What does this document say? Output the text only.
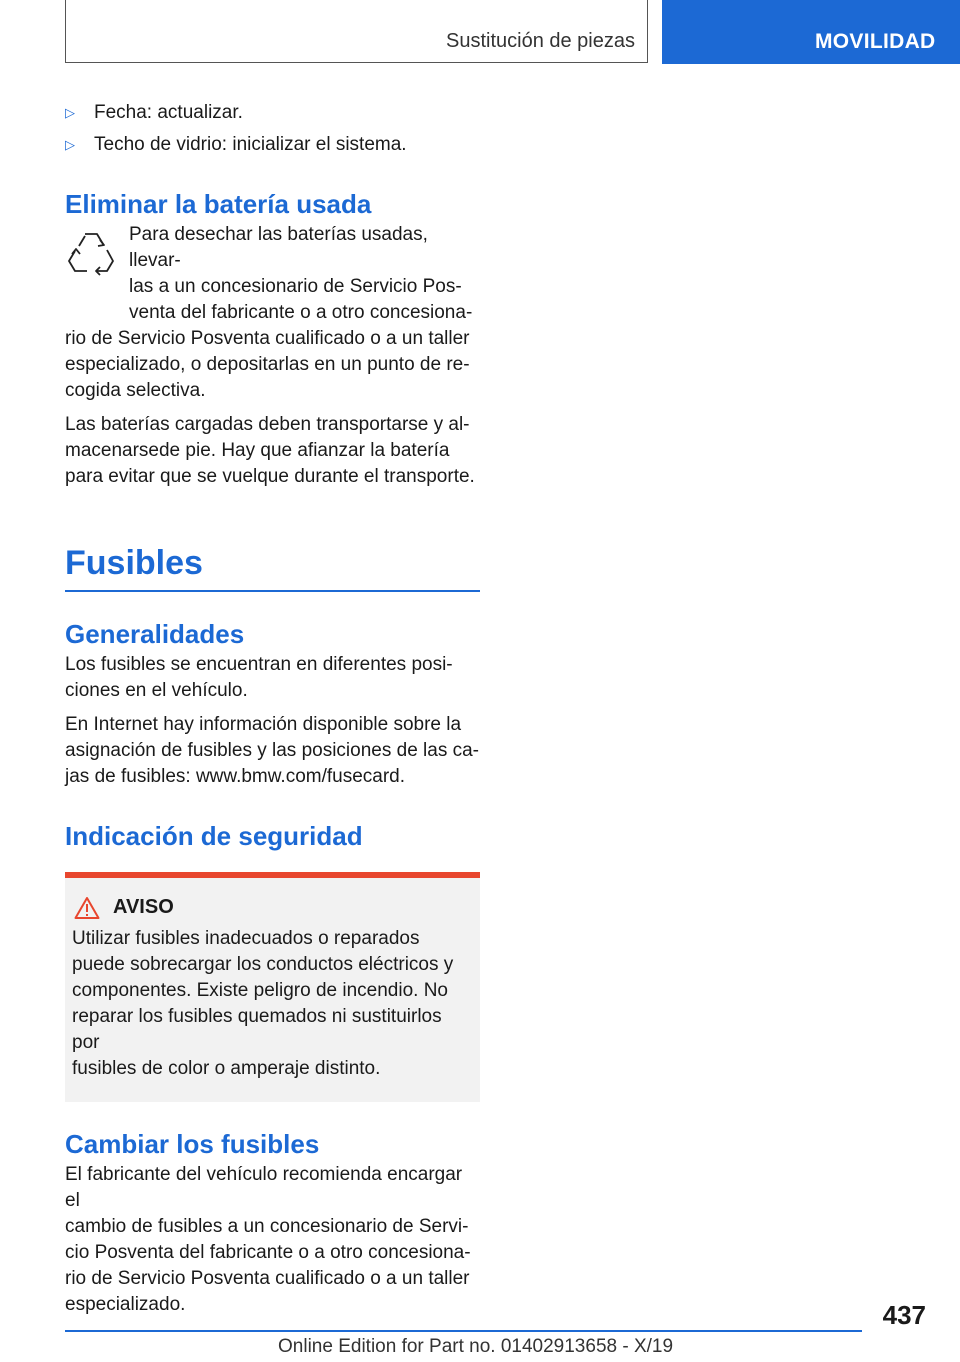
Sustitución de piezas	MOVILIDAD
▷ Fecha: actualizar.
▷ Techo de vidrio: inicializar el sistema.
Eliminar la batería usada

Para desechar las baterías usadas, llevar-

las a un concesionario de Servicio Pos-

venta del fabricante o a otro concesiona-

rio de Servicio Posventa cualificado o a un taller

especializado, o depositarlas en un punto de re-

cogida selectiva.

Las baterías cargadas deben transportarse y al-

macenarsede pie. Hay que afianzar la batería

para evitar que se vuelque durante el transporte.

Fusibles
Generalidades

Los fusibles se encuentran en diferentes posi-

ciones en el vehículo.

En Internet hay información disponible sobre la

asignación de fusibles y las posiciones de las ca-

jas de fusibles: www.bmw.com/fusecard.

Indicación de seguridad
AVISO

Utilizar fusibles inadecuados o reparados

puede sobrecargar los conductos eléctricos y

componentes. Existe peligro de incendio. No

reparar los fusibles quemados ni sustituirlos por

fusibles de color o amperaje distinto.

Cambiar los fusibles

El fabricante del vehículo recomienda encargar el

cambio de fusibles a un concesionario de Servi-

cio Posventa del fabricante o a otro concesiona-

rio de Servicio Posventa cualificado o a un taller

especializado.	437
Online Edition for Part no. 01402913658 - X/19
